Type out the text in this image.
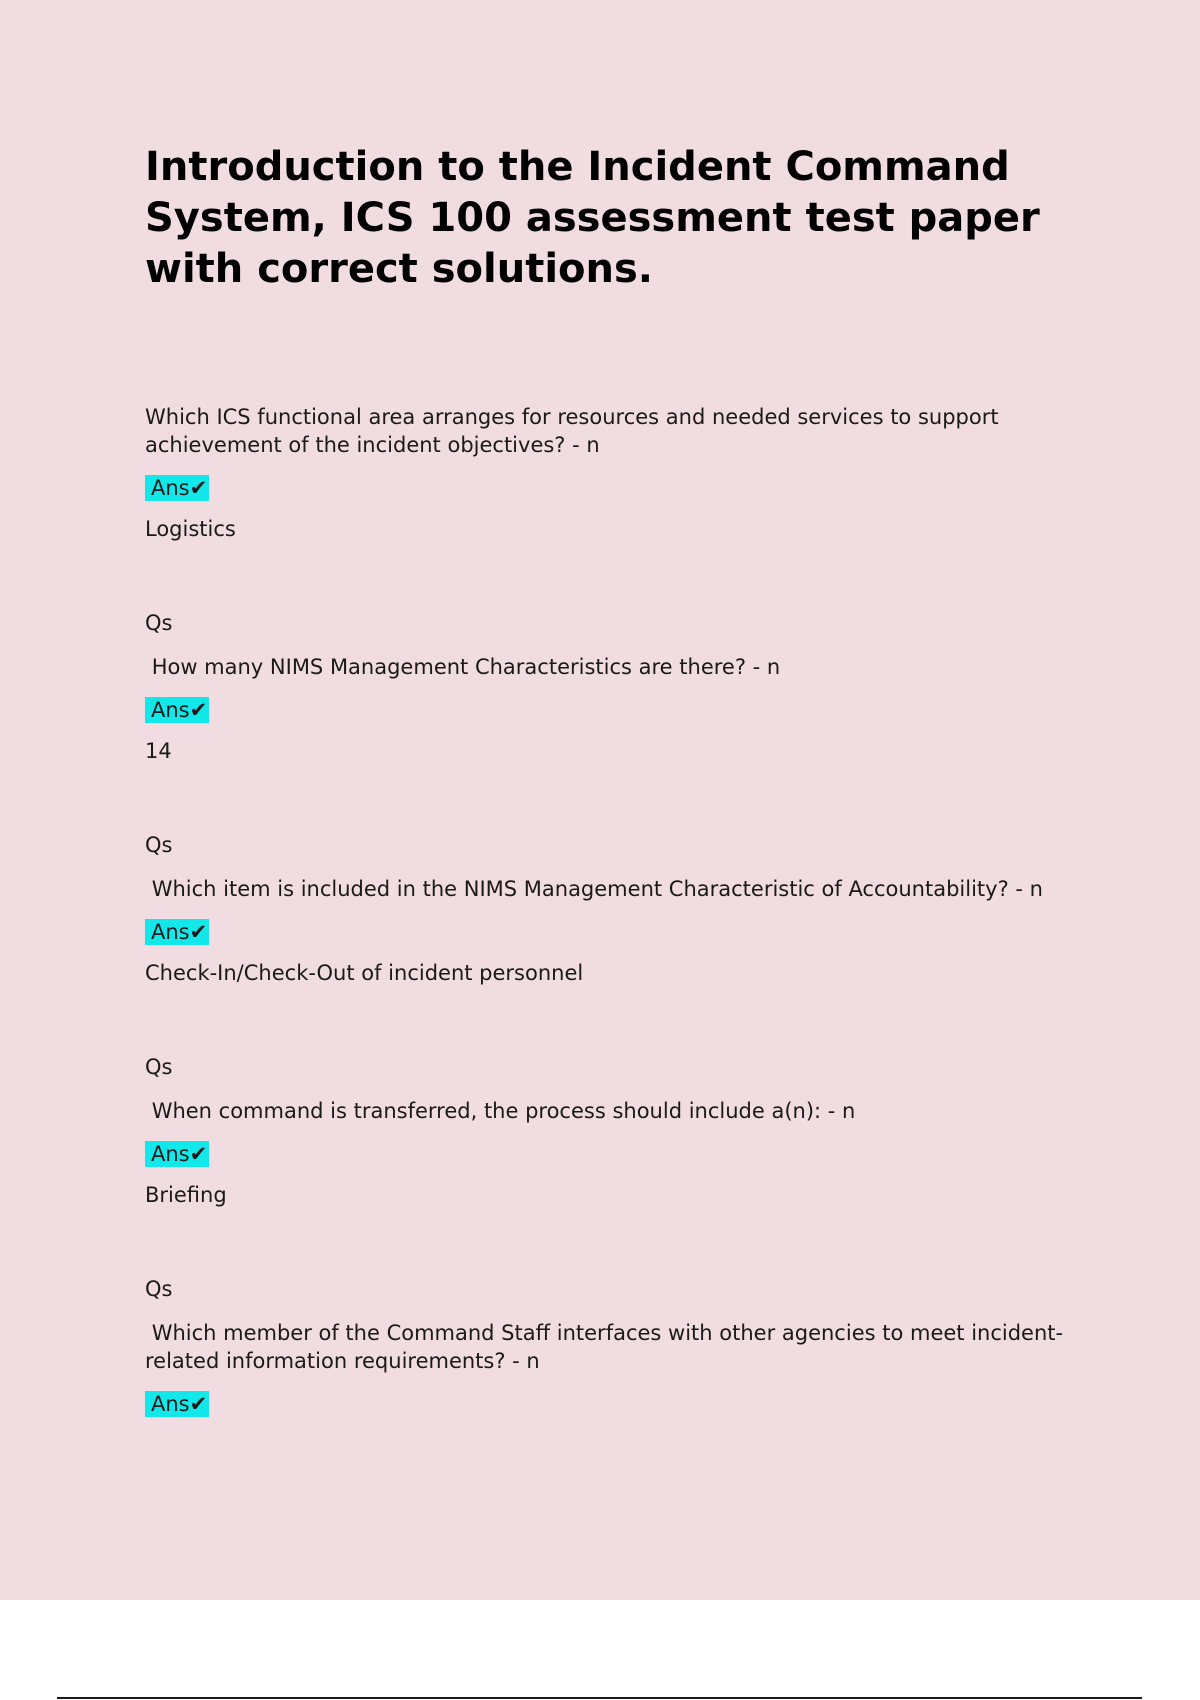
Introduction to the Incident Command System, ICS 100 assessment test paper with correct solutions.

Which ICS functional area arranges for resources and needed services to support achievement of the incident objectives? - n

Ans✔

Logistics

Qs

How many NIMS Management Characteristics are there? - n

Ans✔

14

Qs

Which item is included in the NIMS Management Characteristic of Accountability? - n

Ans✔

Check-In/Check-Out of incident personnel

Qs

When command is transferred, the process should include a(n): - n

Ans✔

Briefing

Qs

Which member of the Command Staff interfaces with other agencies to meet incident-related information requirements? - n

Ans✔
